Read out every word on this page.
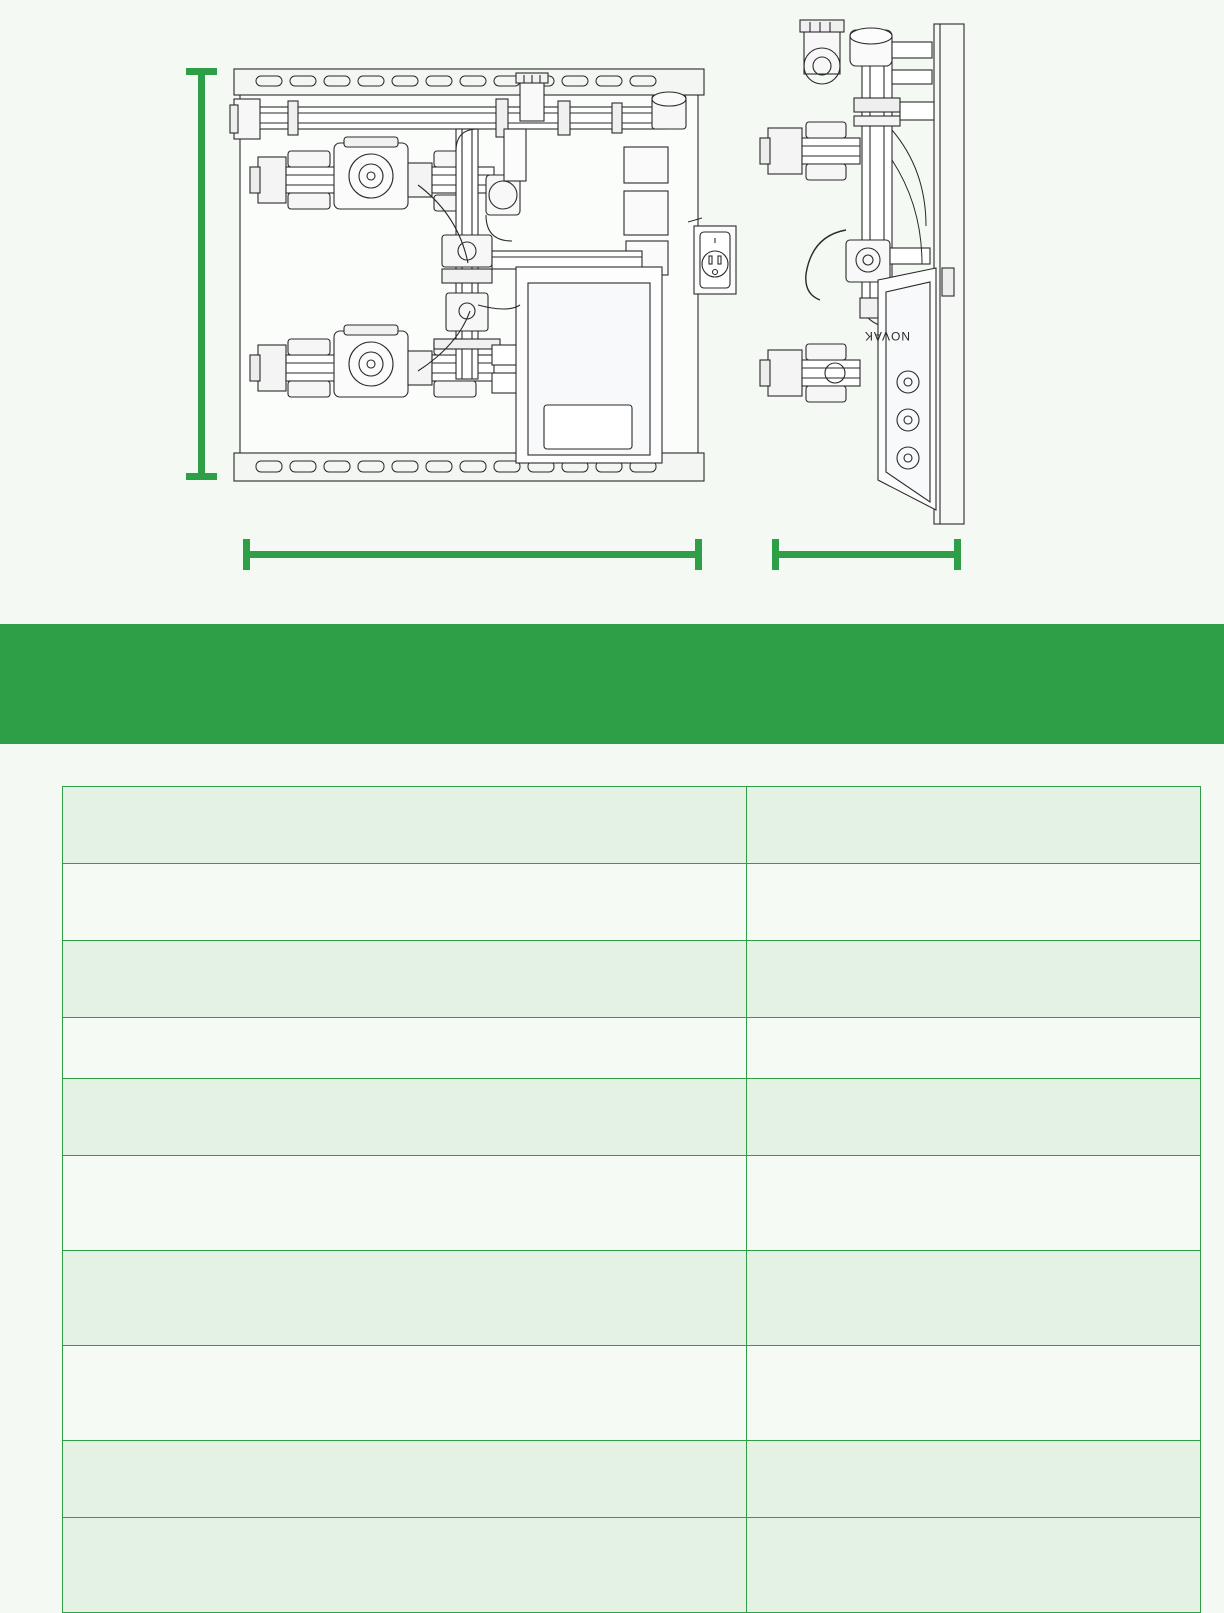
NOVAK
